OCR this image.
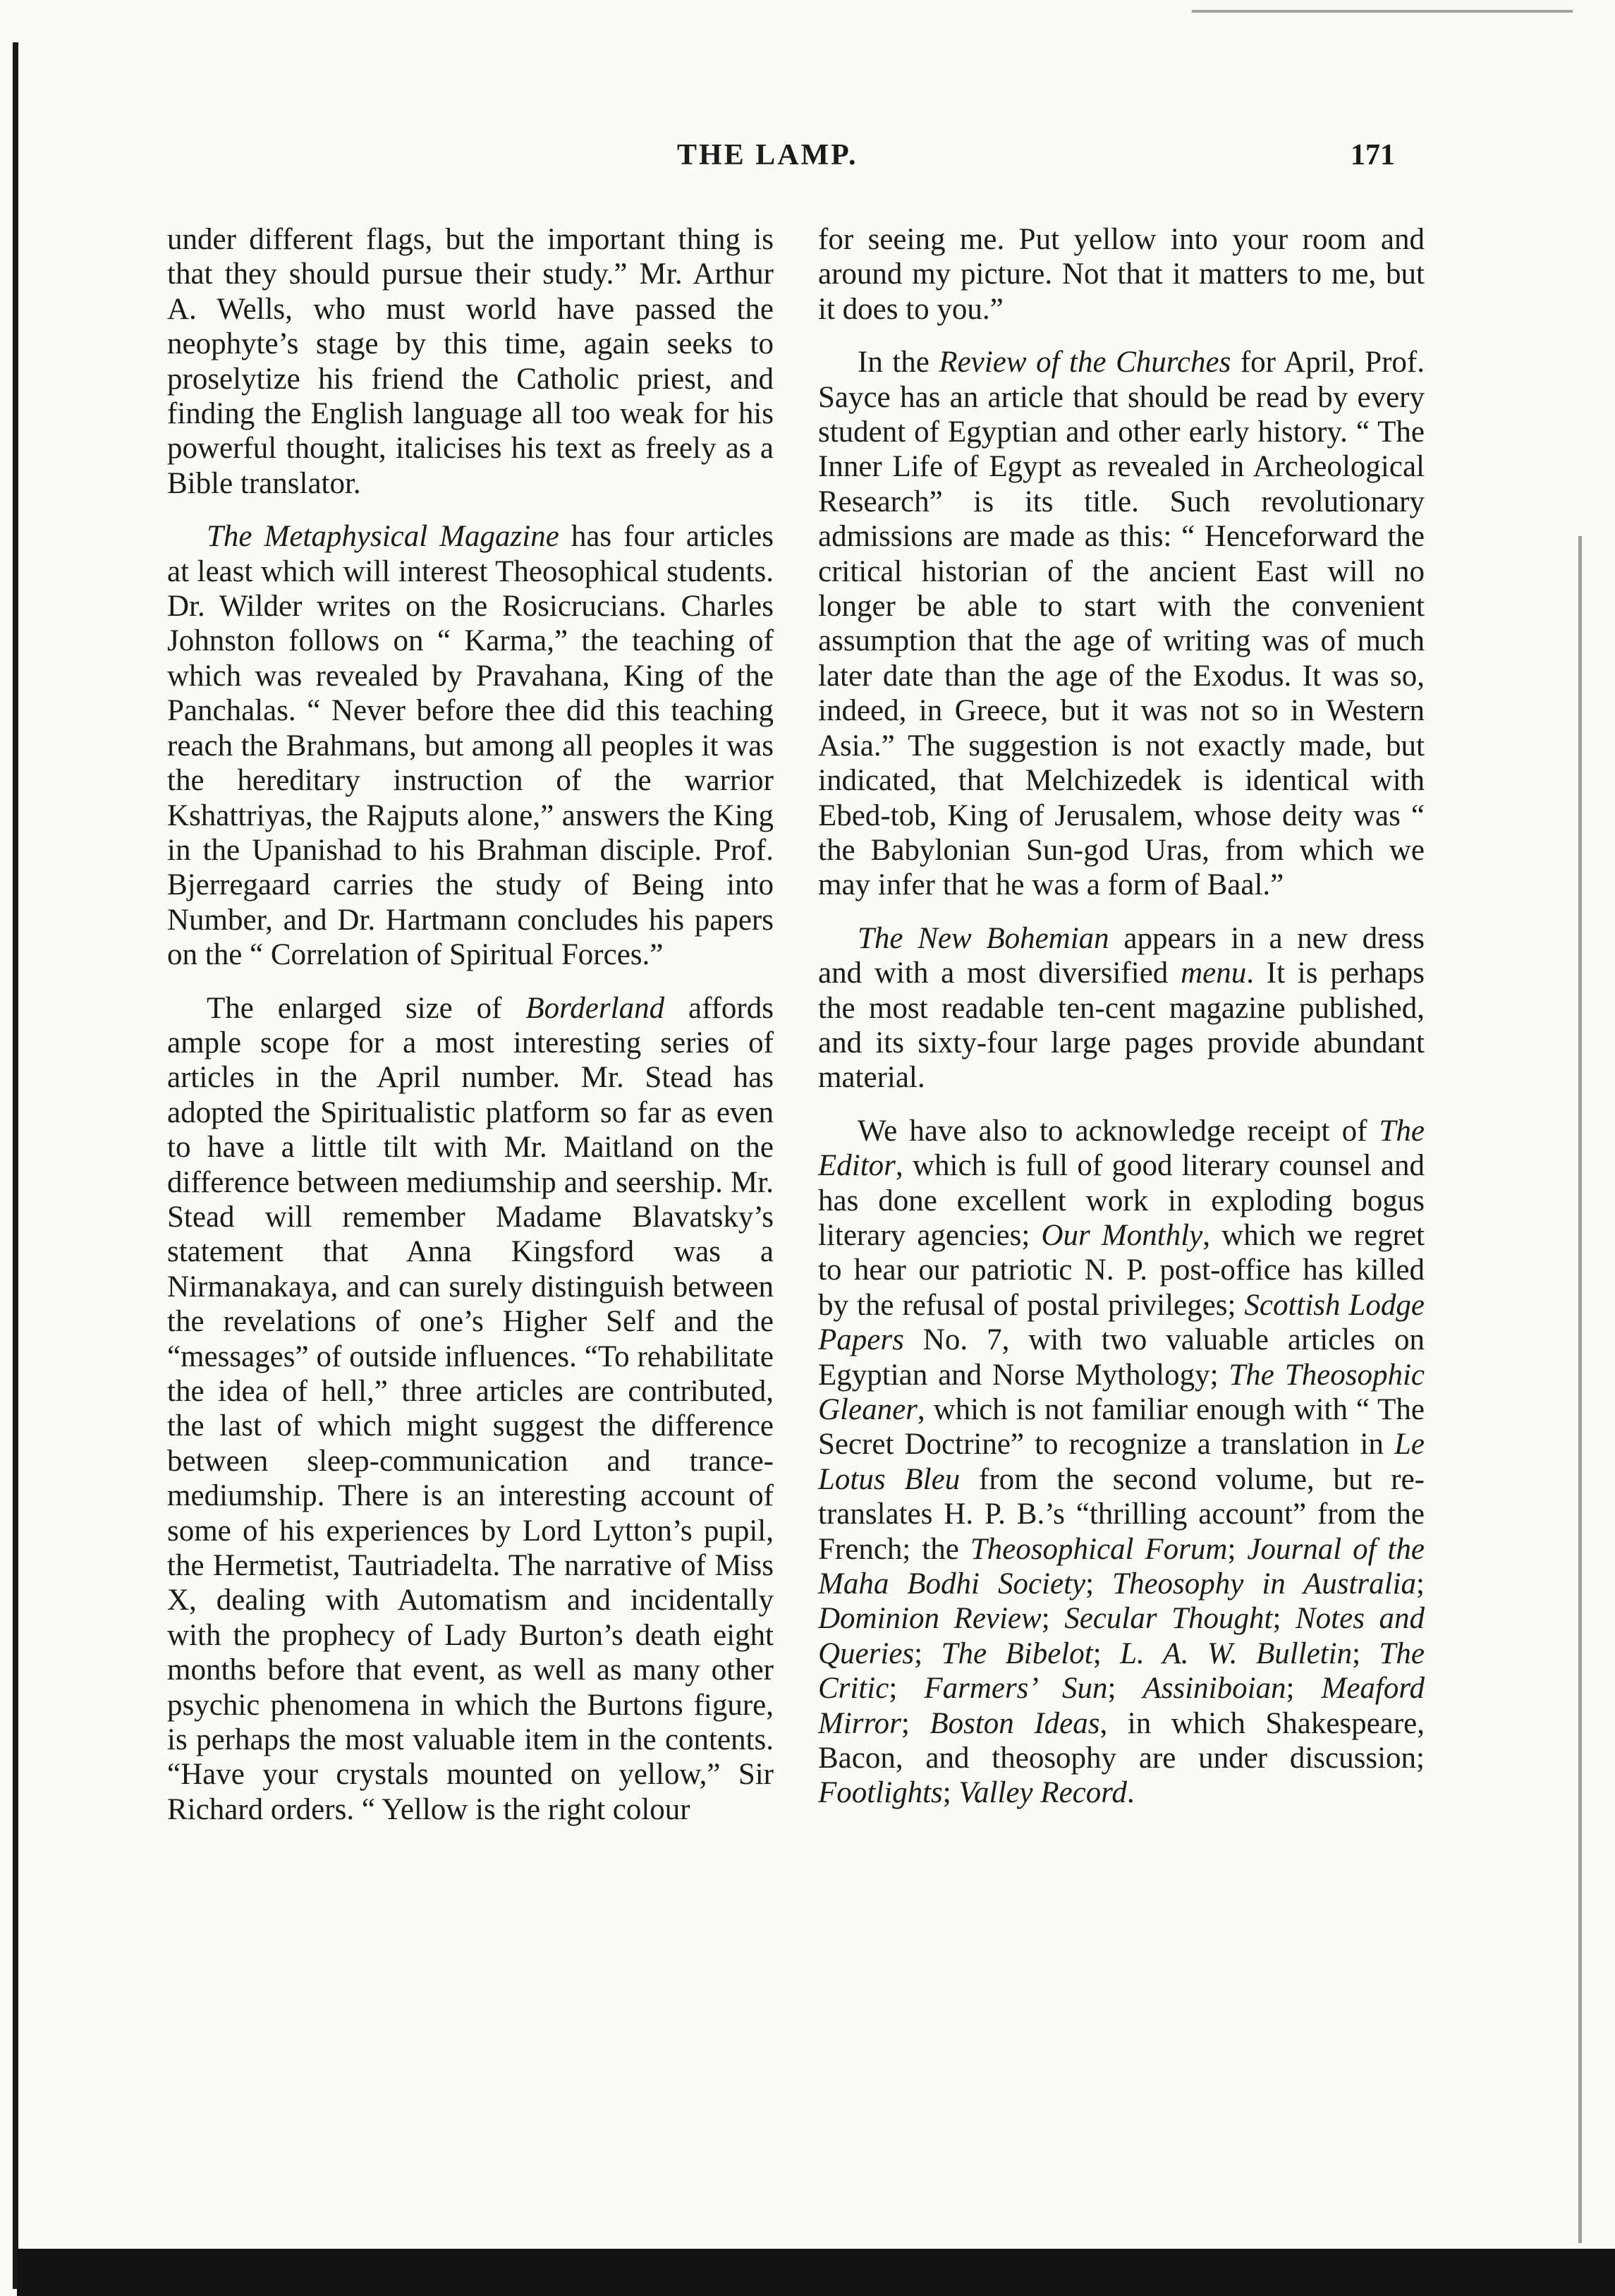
THE LAMP.	171

under different flags, but the important thing is that they should pursue their study.” Mr. Arthur A. Wells, who must world have passed the neophyte’s stage by this time, again seeks to proselytize his friend the Catholic priest, and finding the English language all too weak for his powerful thought, italicises his text as freely as a Bible translator.

The Metaphysical Magazine has four articles at least which will interest Theosophical students. Dr. Wilder writes on the Rosicrucians. Charles Johnston follows on “ Karma,” the teaching of which was revealed by Pravahana, King of the Panchalas. “ Never before thee did this teaching reach the Brahmans, but among all peoples it was the hereditary instruction of the warrior Kshattriyas, the Rajputs alone,” answers the King in the Upanishad to his Brahman disciple. Prof. Bjerregaard carries the study of Being into Number, and Dr. Hartmann concludes his papers on the “ Correlation of Spiritual Forces.”

The enlarged size of Borderland affords ample scope for a most interesting series of articles in the April number. Mr. Stead has adopted the Spiritualistic platform so far as even to have a little tilt with Mr. Maitland on the difference between mediumship and seership. Mr. Stead will remember Madame Blavatsky’s statement that Anna Kingsford was a Nirmanakaya, and can surely distinguish between the revelations of one’s Higher Self and the “messages” of outside influences. “To rehabilitate the idea of hell,” three articles are contributed, the last of which might suggest the difference between sleep-communication and trance-mediumship. There is an interesting account of some of his experiences by Lord Lytton’s pupil, the Hermetist, Tautriadelta. The narrative of Miss X, dealing with Automatism and incidentally with the prophecy of Lady Burton’s death eight months before that event, as well as many other psychic phenomena in which the Burtons figure, is perhaps the most valuable item in the contents. “Have your crystals mounted on yellow,” Sir Richard orders. “ Yellow is the right colour

for seeing me. Put yellow into your room and around my picture. Not that it matters to me, but it does to you.”

In the Review of the Churches for April, Prof. Sayce has an article that should be read by every student of Egyptian and other early history. “ The Inner Life of Egypt as revealed in Archeological Research” is its title. Such revolutionary admissions are made as this: “ Henceforward the critical historian of the ancient East will no longer be able to start with the convenient assumption that the age of writing was of much later date than the age of the Exodus. It was so, indeed, in Greece, but it was not so in Western Asia.” The suggestion is not exactly made, but indicated, that Melchizedek is identical with Ebed-tob, King of Jerusalem, whose deity was “ the Babylonian Sun-god Uras, from which we may infer that he was a form of Baal.”

The New Bohemian appears in a new dress and with a most diversified menu. It is perhaps the most readable ten-cent magazine published, and its sixty-four large pages provide abundant material.

We have also to acknowledge receipt of The Editor, which is full of good literary counsel and has done excellent work in exploding bogus literary agencies; Our Monthly, which we regret to hear our patriotic N. P. post-office has killed by the refusal of postal privileges; Scottish Lodge Papers No. 7, with two valuable articles on Egyptian and Norse Mythology; The Theosophic Gleaner, which is not familiar enough with “ The Secret Doctrine” to recognize a translation in Le Lotus Bleu from the second volume, but re-translates H. P. B.’s “thrilling account” from the French; the Theosophical Forum; Journal of the Maha Bodhi Society; Theosophy in Australia; Dominion Review; Secular Thought; Notes and Queries; The Bibelot; L. A. W. Bulletin; The Critic; Farmers’ Sun; Assiniboian; Meaford Mirror; Boston Ideas, in which Shakespeare, Bacon, and theosophy are under discussion; Footlights; Valley Record.
